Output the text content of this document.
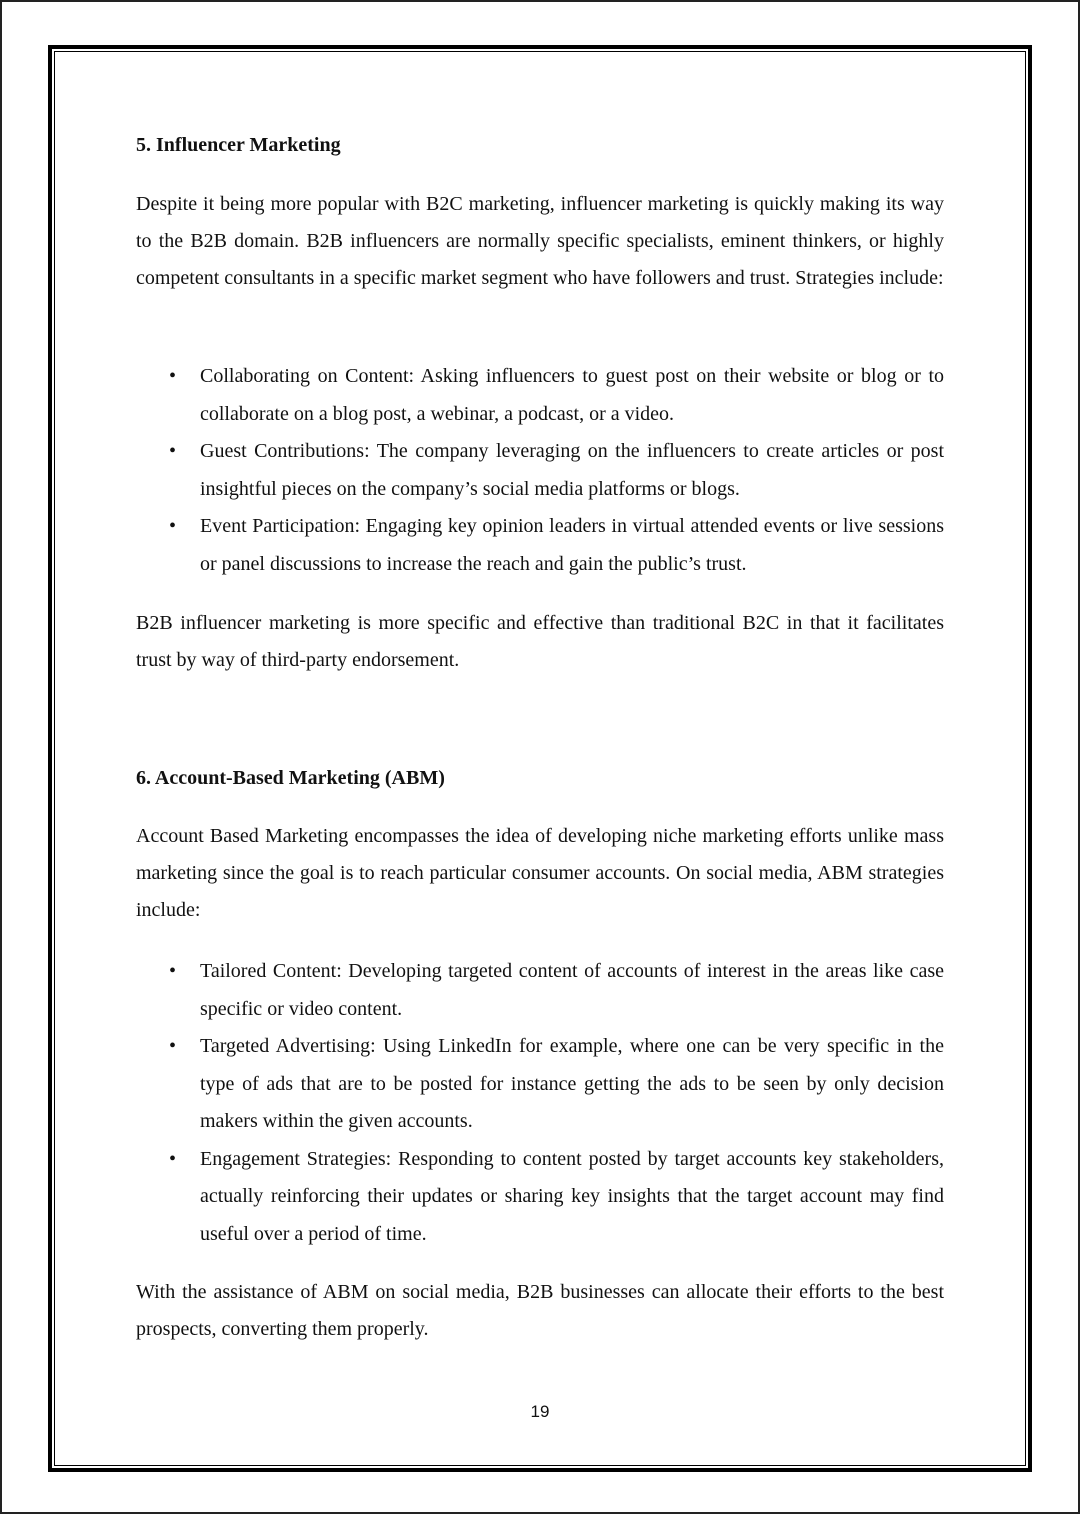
5. Influencer Marketing

Despite it being more popular with B2C marketing, influencer marketing is quickly making its way to the B2B domain. B2B influencers are normally specific specialists, eminent thinkers, or highly competent consultants in a specific market segment who have followers and trust. Strategies include:

• Collaborating on Content: Asking influencers to guest post on their website or blog or to collaborate on a blog post, a webinar, a podcast, or a video.
• Guest Contributions: The company leveraging on the influencers to create articles or post insightful pieces on the company’s social media platforms or blogs.
• Event Participation: Engaging key opinion leaders in virtual attended events or live sessions or panel discussions to increase the reach and gain the public’s trust.

B2B influencer marketing is more specific and effective than traditional B2C in that it facilitates trust by way of third-party endorsement.

6. Account-Based Marketing (ABM)

Account Based Marketing encompasses the idea of developing niche marketing efforts unlike mass marketing since the goal is to reach particular consumer accounts. On social media, ABM strategies include:

• Tailored Content: Developing targeted content of accounts of interest in the areas like case specific or video content.
• Targeted Advertising: Using LinkedIn for example, where one can be very specific in the type of ads that are to be posted for instance getting the ads to be seen by only decision makers within the given accounts.
• Engagement Strategies: Responding to content posted by target accounts key stakeholders, actually reinforcing their updates or sharing key insights that the target account may find useful over a period of time.

With the assistance of ABM on social media, B2B businesses can allocate their efforts to the best prospects, converting them properly.

19
